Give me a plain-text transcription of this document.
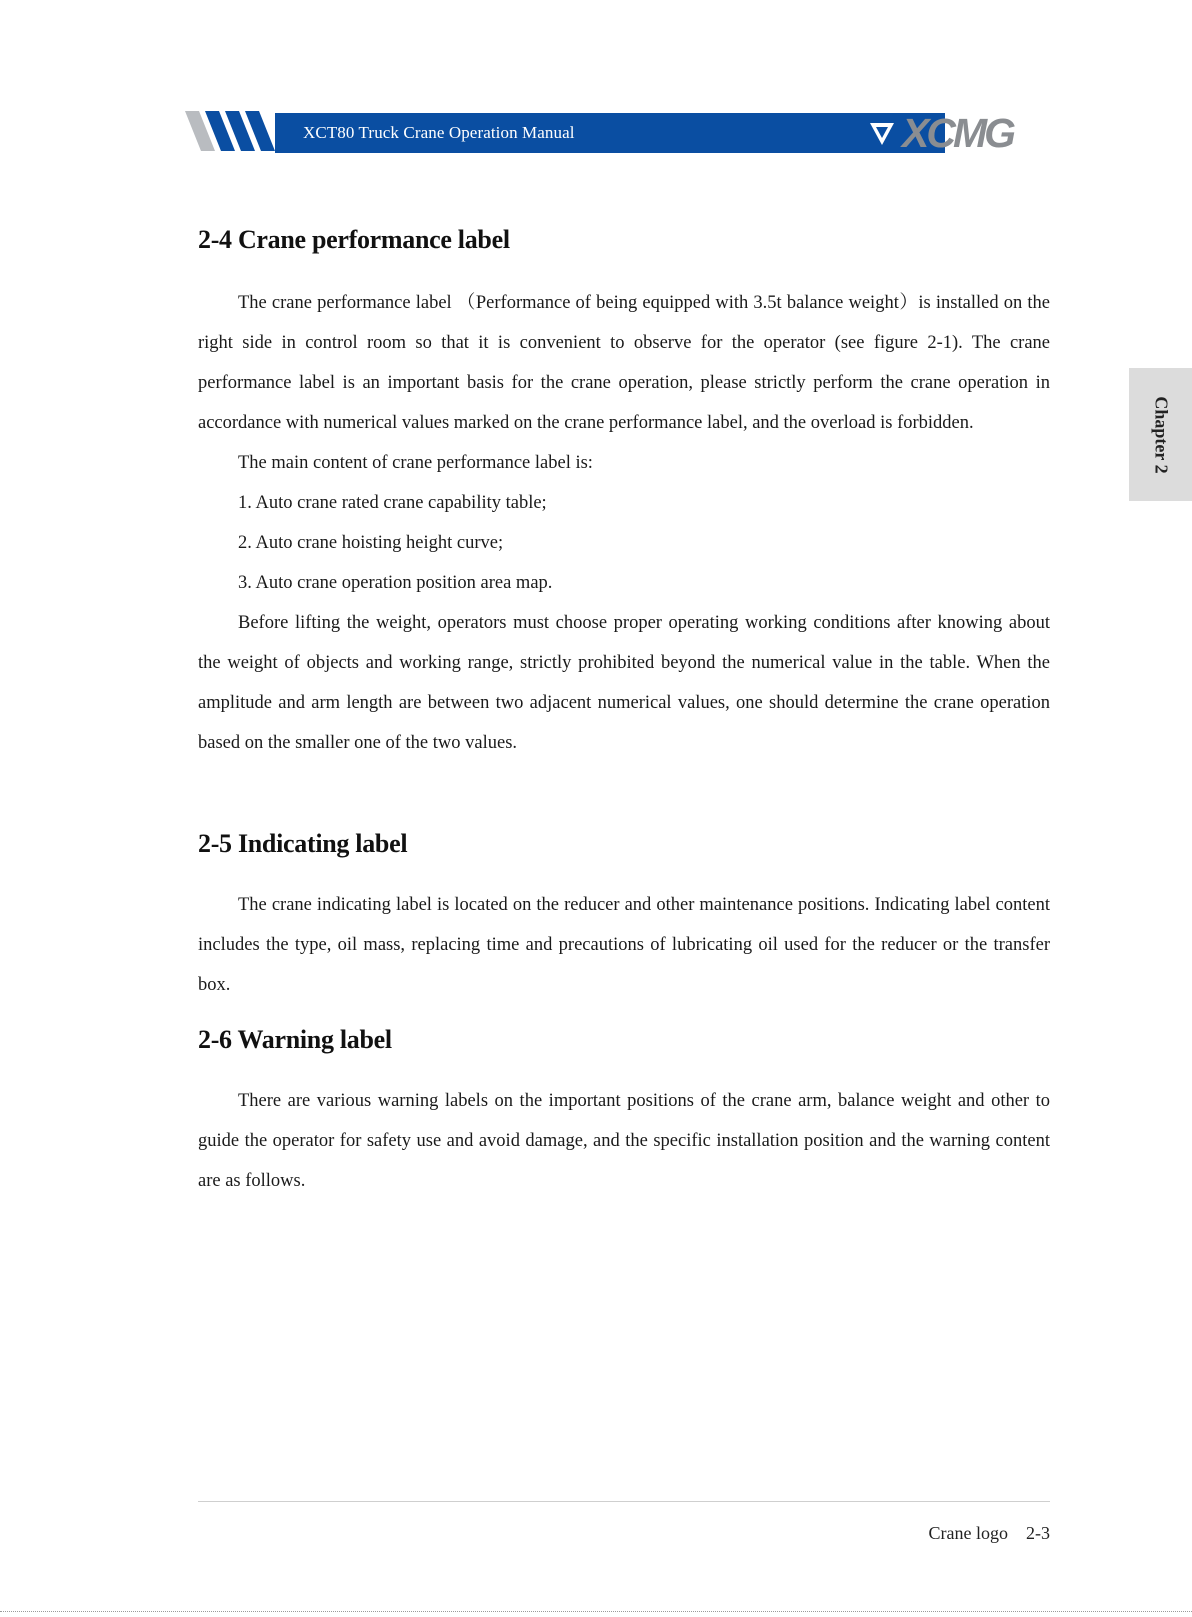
XCT80 Truck Crane Operation Manual	XCMG
Chapter 2
2-4 Crane performance label

The crane performance label （Performance of being equipped with 3.5t balance weight）is installed on the right side in control room so that it is convenient to observe for the operator (see figure 2-1). The crane performance label is an important basis for the crane operation, please strictly perform the crane operation in accordance with numerical values marked on the crane performance label, and the overload is forbidden.

The main content of crane performance label is:

1. Auto crane rated crane capability table;

2. Auto crane hoisting height curve;

3. Auto crane operation position area map.

Before lifting the weight, operators must choose proper operating working conditions after knowing about the weight of objects and working range, strictly prohibited beyond the numerical value in the table. When the amplitude and arm length are between two adjacent numerical values, one should determine the crane operation based on the smaller one of the two values.

2-5 Indicating label

The crane indicating label is located on the reducer and other maintenance positions. Indicating label content includes the type, oil mass, replacing time and precautions of lubricating oil used for the reducer or the transfer box.

2-6 Warning label

There are various warning labels on the important positions of the crane arm, balance weight and other to guide the operator for safety use and avoid damage, and the specific installation position and the warning content are as follows.

Crane logo 2-3
